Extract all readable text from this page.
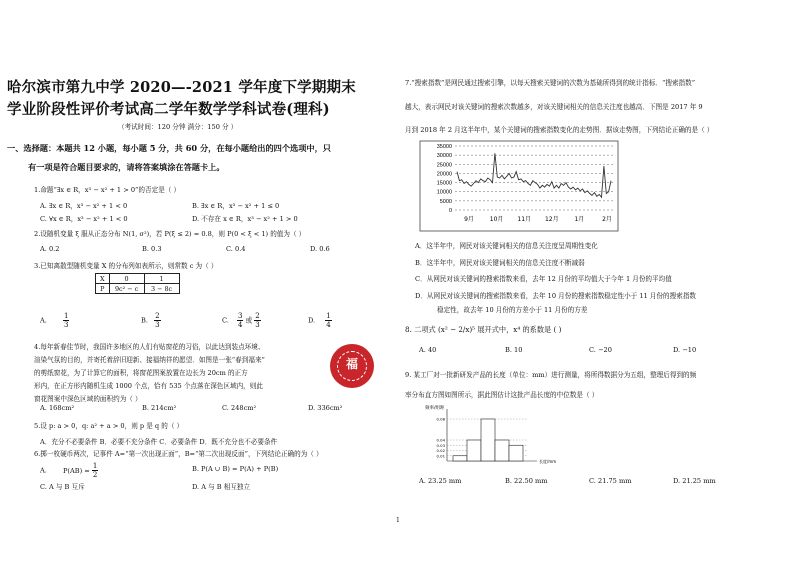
哈尔滨市第九中学 2020—-2021 学年度下学期期末
学业阶段性评价考试高二学年数学学科试卷(理科)
（考试时间：120 分钟 满分：150 分 ）
一、选择题：本题共 12 小题，每小题 5 分，共 60 分，在每小题给出的四个选项中，只
有一项是符合题目要求的，请将答案填涂在答题卡上。
1.命题“∃x ∈ R，x³ − x² + 1 > 0”的否定是（ ）
A. ∃x ∈ R，x³ − x² + 1 < 0	B. ∃x ∈ R，x³ − x² + 1 ≤ 0
C. ∀x ∈ R，x³ − x² + 1 < 0	D. 不存在 x ∈ R，x³ − x² + 1 > 0
2.设随机变量 ξ 服从正态分布 N(1, σ²)，若 P(ξ ≤ 2) = 0.8，则 P(0 < ξ < 1) 的值为（ ）
A. 0.2	B. 0.3	C. 0.4	D. 0.6
3.已知离散型随机变量 X 的分布列如表所示，则常数 c 为（ ）
X	0	1
P	9c² − c	3 − 8c
A. $\frac{1}{3}$	B. $\frac{2}{3}$	C. $\frac{3}{4}$ 或 $\frac{2}{3}$	D. $\frac{1}{4}$
4.每年新春佳节时，我国许多地区的人们有贴窗花的习俗，以此达到装点环境、
渲染气氛的目的，并寄托着辞旧迎新、接福纳祥的愿望．如图是一张“春到福来”
的剪纸窗花，为了计算它的面积，将窗花图案放置在边长为 20cm 的正方
形内，在正方形内随机生成 1000 个点，恰有 535 个点落在深色区域内，则此
窗花图案中深色区域的面积约为（ ）
福
A. 168cm²	B. 214cm²	C. 248cm²	D. 336cm²
5.设 p: a > 0，q: a² + a > 0，则 p 是 q 的（ ）
A．充分不必要条件 B．必要不充分条件 C．必要条件 D．既不充分也不必要条件
6.掷一枚硬币两次，记事件 A=“第一次出现正面”，B=“第二次出现反面”，下列结论正确的为（ ）
A. $P(AB) = \frac{1}{2}$	B. P(A ∪ B) = P(A) + P(B)
C. A 与 B 互斥	D. A 与 B 相互独立
7.“搜索指数”是网民通过搜索引擎，以每天搜索关键词的次数为基础所得到的统计指标．“搜索指数”
越大，表示网民对该关键词的搜索次数越多，对该关键词相关的信息关注度也越高．下图是 2017 年 9
月到 2018 年 2 月这半年中，某个关键词的搜索指数变化的走势图．据该走势图，下列结论正确的是（ ）
0
5000
10000
15000
20000
25000
30000
35000
9月	10月 11月 12月	1月	2月
A．这半年中，网民对该关键词相关的信息关注度呈周期性变化
B．这半年中，网民对该关键词相关的信息关注度不断减弱
C．从网民对该关键词的搜索指数来看，去年 12 月份的平均值大于今年 1 月份的平均值
D．从网民对该关键词的搜索指数来看，去年 10 月份的搜索指数稳定性小于 11 月份的搜索指数
稳定性，故去年 10 月份的方差小于 11 月份的方差
8. 二项式 (x² − 2/x)⁵ 展开式中，x⁴ 的系数是 ( )
A. 40	B. 10	C. −20	D. −10
9. 某工厂对一批新研发产品的长度（单位：mm）进行测量，将所得数据分为五组，整理后得到的频
率分布直方图如图所示，据此图估计这批产品长度的中位数是（ ）
频率/组距
长度/mm
0.08
0.04
0.03
0.02
0.01
A. 23.25 mm	B. 22.50 mm	C. 21.75 mm	D. 21.25 mm
1
